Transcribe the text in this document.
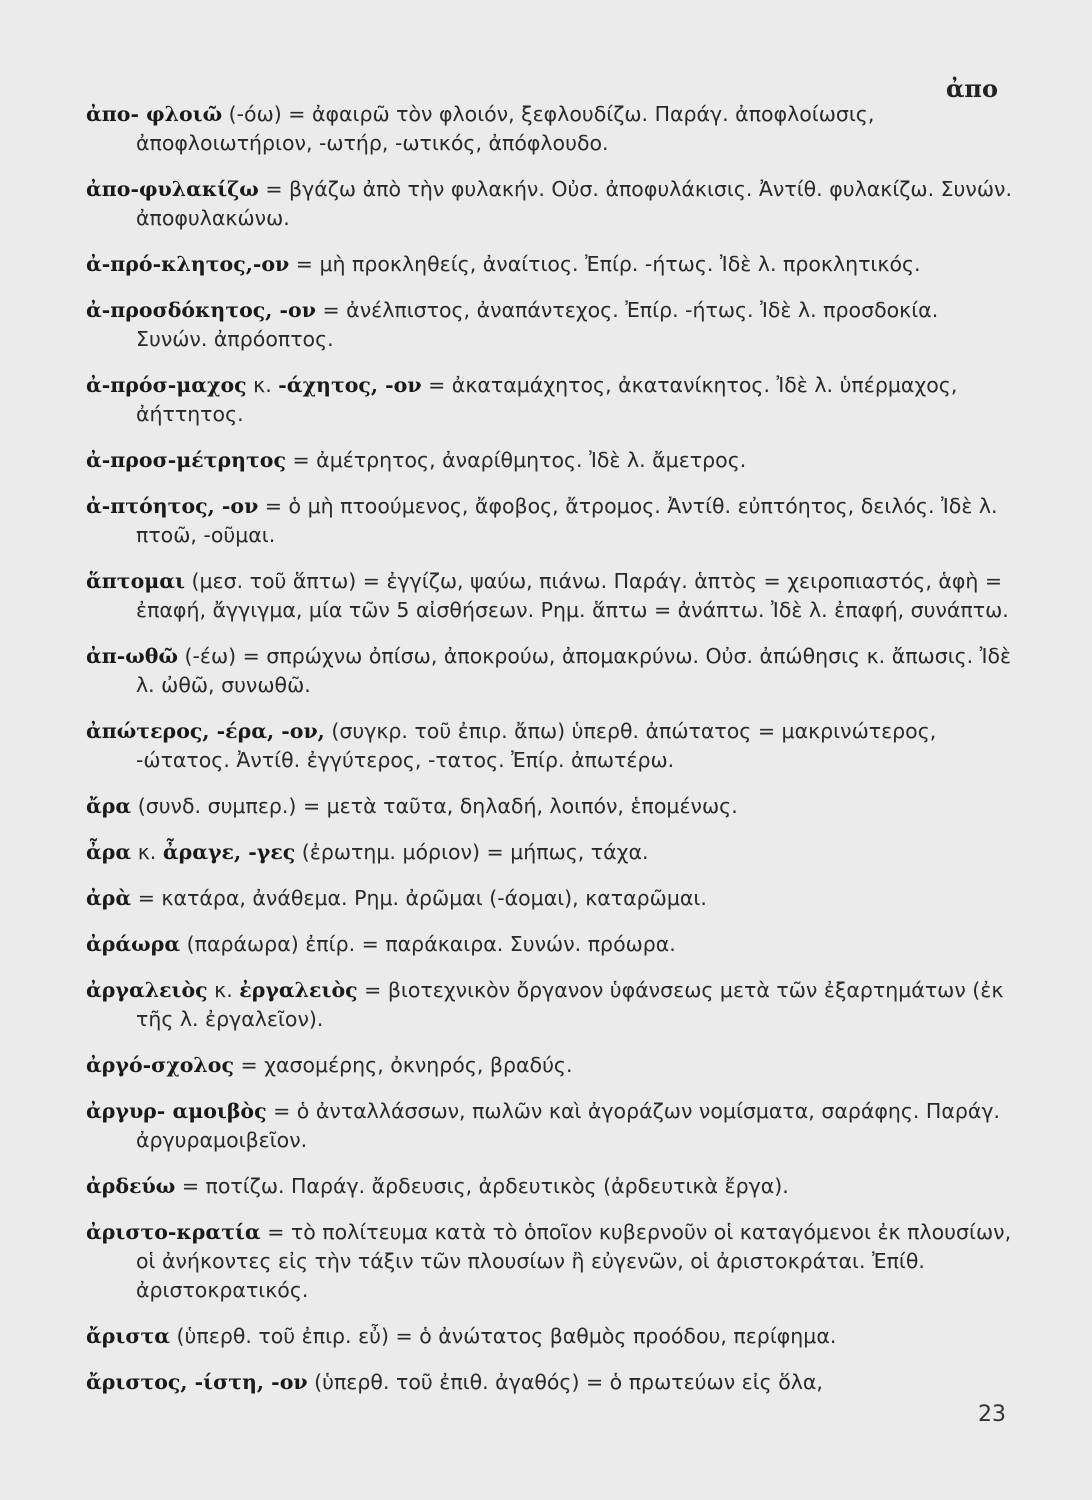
ἀπο

ἀπο- φλοιῶ (-όω) = ἀφαιρῶ τὸν φλοιόν, ξεφλουδίζω. Παράγ. ἀποφλοίωσις, ἀποφλοιωτήριον, -ωτήρ, -ωτικός, ἀπόφλουδο.

ἀπο-φυλακίζω = βγάζω ἀπὸ τὴν φυλακήν. Οὐσ. ἀποφυλάκισις. Ἀντίθ. φυλακίζω. Συνών. ἀποφυλακώνω.

ἀ-πρό-κλητος,-ον = μὴ προκληθείς, ἀναίτιος. Ἐπίρ. -ήτως. Ἰδὲ λ. προκλητικός.

ἀ-προσδόκητος, -ον = ἀνέλπιστος, ἀναπάντεχος. Ἐπίρ. -ήτως. Ἰδὲ λ. προσδοκία. Συνών. ἀπρόοπτος.

ἀ-πρόσ-μαχος κ. -άχητος, -ον = ἀκαταμάχητος, ἀκατανίκητος. Ἰδὲ λ. ὑπέρμαχος, ἀήττητος.

ἀ-προσ-μέτρητος = ἀμέτρητος, ἀναρίθμητος. Ἰδὲ λ. ἄμετρος.

ἀ-πτόητος, -ον = ὁ μὴ πτοούμενος, ἄφοβος, ἄτρομος. Ἀντίθ. εὐπτόητος, δειλός. Ἰδὲ λ. πτοῶ, -οῦμαι.

ἅπτομαι (μεσ. τοῦ ἅπτω) = ἐγγίζω, ψαύω, πιάνω. Παράγ. ἁπτὸς = χειροπιαστός, ἁφὴ = ἐπαφή, ἄγγιγμα, μία τῶν 5 αἰσθήσεων. Ρημ. ἅπτω = ἀνάπτω. Ἰδὲ λ. ἐπαφή, συνάπτω.

ἀπ-ωθῶ (-έω) = σπρώχνω ὀπίσω, ἀποκρούω, ἀπομακρύνω. Οὐσ. ἀπώθησις κ. ἄπωσις. Ἰδὲ λ. ὠθῶ, συνωθῶ.

ἀπώτερος, -έρα, -ον, (συγκρ. τοῦ ἐπιρ. ἄπω) ὑπερθ. ἀπώτατος = μακρινώτερος, -ώτατος. Ἀντίθ. ἐγγύτερος, -τατος. Ἐπίρ. ἀπωτέρω.

ἄρα (συνδ. συμπερ.) = μετὰ ταῦτα, δηλαδή, λοιπόν, ἑπομένως.

ἆρα κ. ἆραγε, -γες (ἐρωτημ. μόριον) = μήπως, τάχα.

ἀρὰ = κατάρα, ἀνάθεμα. Ρημ. ἀρῶμαι (-άομαι), καταρῶμαι.

ἀράωρα (παράωρα) ἐπίρ. = παράκαιρα. Συνών. πρόωρα.

ἀργαλειὸς κ. ἐργαλειὸς = βιοτεχνικὸν ὄργανον ὑφάνσεως μετὰ τῶν ἐξαρτημάτων (ἐκ τῆς λ. ἐργαλεῖον).

ἀργό-σχολος = χασομέρης, ὀκνηρός, βραδύς.

ἀργυρ- αμοιβὸς = ὁ ἀνταλλάσσων, πωλῶν καὶ ἀγοράζων νομίσματα, σαράφης. Παράγ. ἀργυραμοιβεῖον.

ἀρδεύω = ποτίζω. Παράγ. ἄρδευσις, ἀρδευτικὸς (ἀρδευτικὰ ἔργα).

ἀριστο-κρατία = τὸ πολίτευμα κατὰ τὸ ὁποῖον κυβερνοῦν οἱ καταγόμενοι ἐκ πλουσίων, οἱ ἀνήκοντες εἰς τὴν τάξιν τῶν πλουσίων ἢ εὐγενῶν, οἱ ἀριστοκράται. Ἐπίθ. ἀριστοκρατικός.

ἄριστα (ὑπερθ. τοῦ ἐπιρ. εὖ) = ὁ ἀνώτατος βαθμὸς προόδου, περίφημα.

ἄριστος, -ίστη, -ον (ὑπερθ. τοῦ ἐπιθ. ἀγαθός) = ὁ πρωτεύων εἰς ὅλα,

23
